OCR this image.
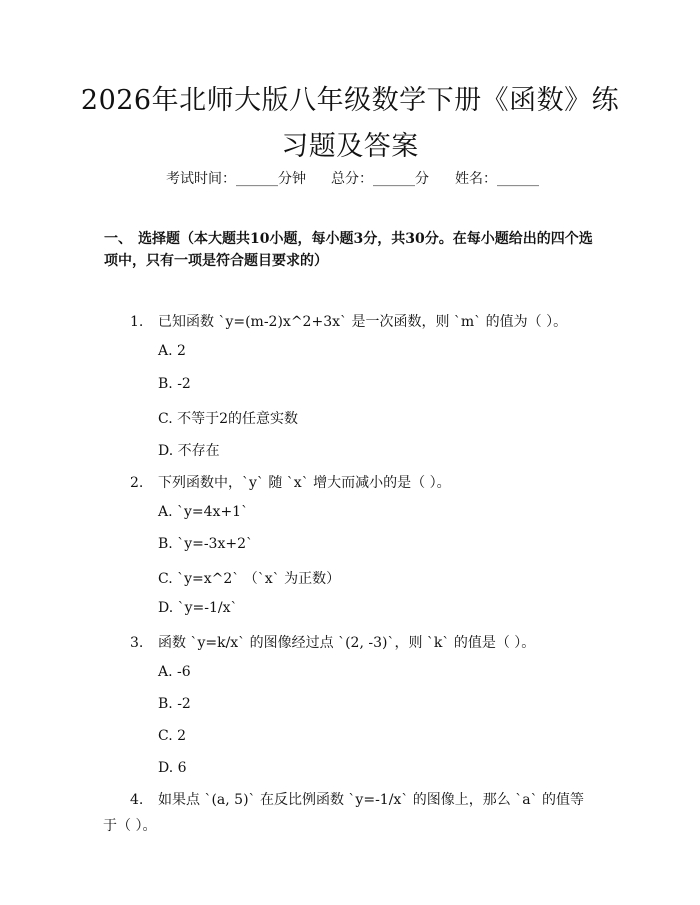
2026年北师大版八年级数学下册《函数》练
习题及答案
考试时间：______分钟 总分：______分 姓名：______
一、 选择题（本大题共10小题，每小题3分，共30分。在每小题给出的四个选项中，只有一项是符合题目要求的）
1. 已知函数 `y=(m-2)x^2+3x` 是一次函数，则 `m` 的值为（ ）。
A. 2
B. -2
C. 不等于2的任意实数
D. 不存在
2. 下列函数中，`y` 随 `x` 增大而减小的是（ ）。
A. `y=4x+1`
B. `y=-3x+2`
C. `y=x^2` （`x` 为正数）
D. `y=-1/x`
3. 函数 `y=k/x` 的图像经过点 `(2, -3)`，则 `k` 的值是（ ）。
A. -6
B. -2
C. 2
D. 6
4. 如果点 `(a, 5)` 在反比例函数 `y=-1/x` 的图像上，那么 `a` 的值等
于（ ）。
